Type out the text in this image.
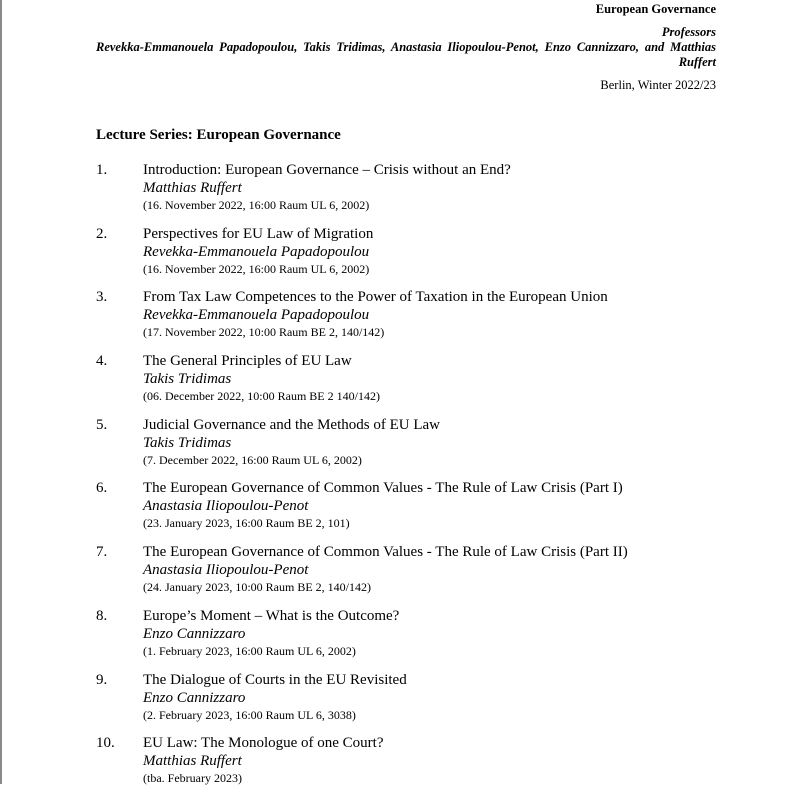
European Governance
Professors
Revekka-Emmanouela Papadopoulou, Takis Tridimas, Anastasia Iliopoulou-Penot, Enzo Cannizzaro, and Matthias Ruffert
Berlin, Winter 2022/23
Lecture Series: European Governance
1. Introduction: European Governance – Crisis without an End?
Matthias Ruffert
(16. November 2022, 16:00 Raum UL 6, 2002)
2. Perspectives for EU Law of Migration
Revekka-Emmanouela Papadopoulou
(16. November 2022, 16:00 Raum UL 6, 2002)
3. From Tax Law Competences to the Power of Taxation in the European Union
Revekka-Emmanouela Papadopoulou
(17. November 2022, 10:00 Raum BE 2, 140/142)
4. The General Principles of EU Law
Takis Tridimas
(06. December 2022, 10:00 Raum BE 2 140/142)
5. Judicial Governance and the Methods of EU Law
Takis Tridimas
(7. December 2022, 16:00 Raum UL 6, 2002)
6. The European Governance of Common Values - The Rule of Law Crisis (Part I)
Anastasia Iliopoulou-Penot
(23. January 2023, 16:00 Raum BE 2, 101)
7. The European Governance of Common Values - The Rule of Law Crisis (Part II)
Anastasia Iliopoulou-Penot
(24. January 2023, 10:00 Raum BE 2, 140/142)
8. Europe’s Moment – What is the Outcome?
Enzo Cannizzaro
(1. February 2023, 16:00 Raum UL 6, 2002)
9. The Dialogue of Courts in the EU Revisited
Enzo Cannizzaro
(2. February 2023, 16:00 Raum UL 6, 3038)
10. EU Law: The Monologue of one Court?
Matthias Ruffert
(tba. February 2023)
